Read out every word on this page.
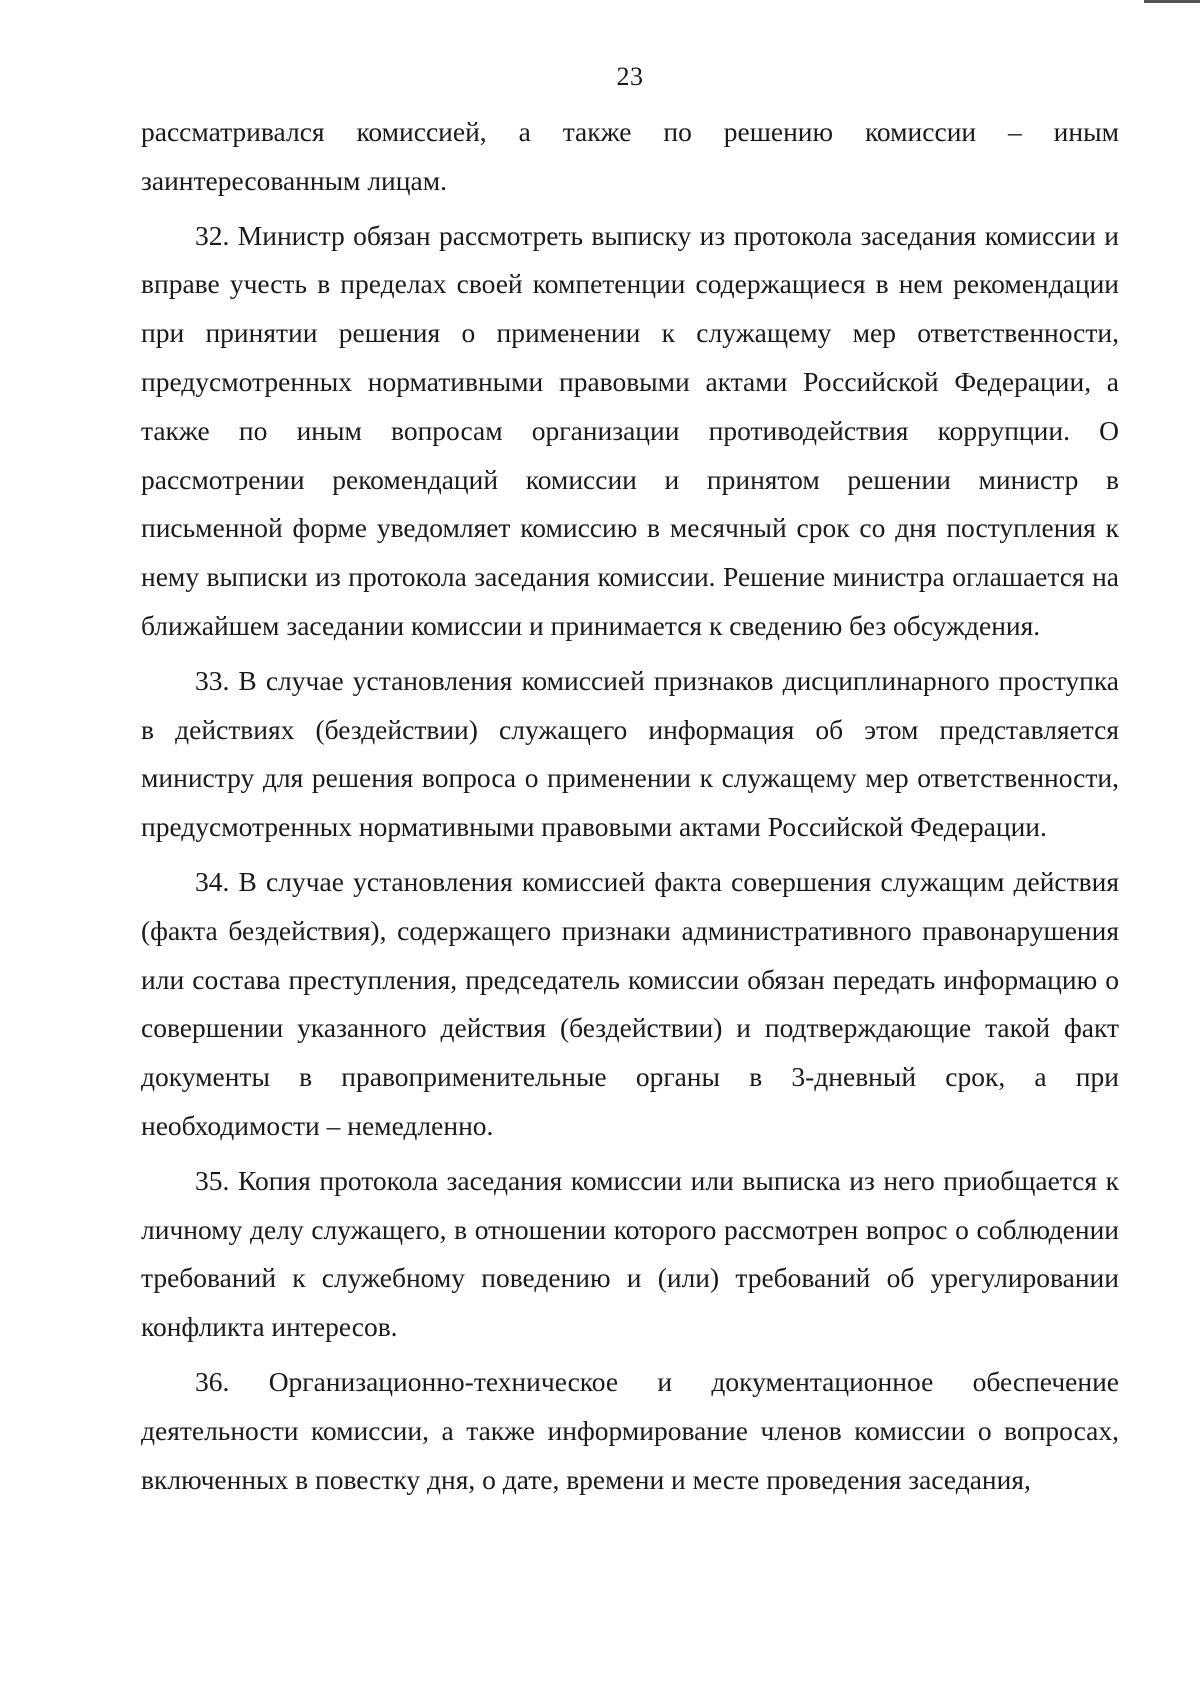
23

рассматривался комиссией, а также по решению комиссии – иным заинтересованным лицам.

32. Министр обязан рассмотреть выписку из протокола заседания комиссии и вправе учесть в пределах своей компетенции содержащиеся в нем рекомендации при принятии решения о применении к служащему мер ответственности, предусмотренных нормативными правовыми актами Российской Федерации, а также по иным вопросам организации противодействия коррупции. О рассмотрении рекомендаций комиссии и принятом решении министр в письменной форме уведомляет комиссию в месячный срок со дня поступления к нему выписки из протокола заседания комиссии. Решение министра оглашается на ближайшем заседании комиссии и принимается к сведению без обсуждения.

33. В случае установления комиссией признаков дисциплинарного проступка в действиях (бездействии) служащего информация об этом представляется министру для решения вопроса о применении к служащему мер ответственности, предусмотренных нормативными правовыми актами Российской Федерации.

34. В случае установления комиссией факта совершения служащим действия (факта бездействия), содержащего признаки административного правонарушения или состава преступления, председатель комиссии обязан передать информацию о совершении указанного действия (бездействии) и подтверждающие такой факт документы в правоприменительные органы в 3-дневный срок, а при необходимости – немедленно.

35. Копия протокола заседания комиссии или выписка из него приобщается к личному делу служащего, в отношении которого рассмотрен вопрос о соблюдении требований к служебному поведению и (или) требований об урегулировании конфликта интересов.

36. Организационно-техническое и документационное обеспечение деятельности комиссии, а также информирование членов комиссии о вопросах, включенных в повестку дня, о дате, времени и месте проведения заседания,
